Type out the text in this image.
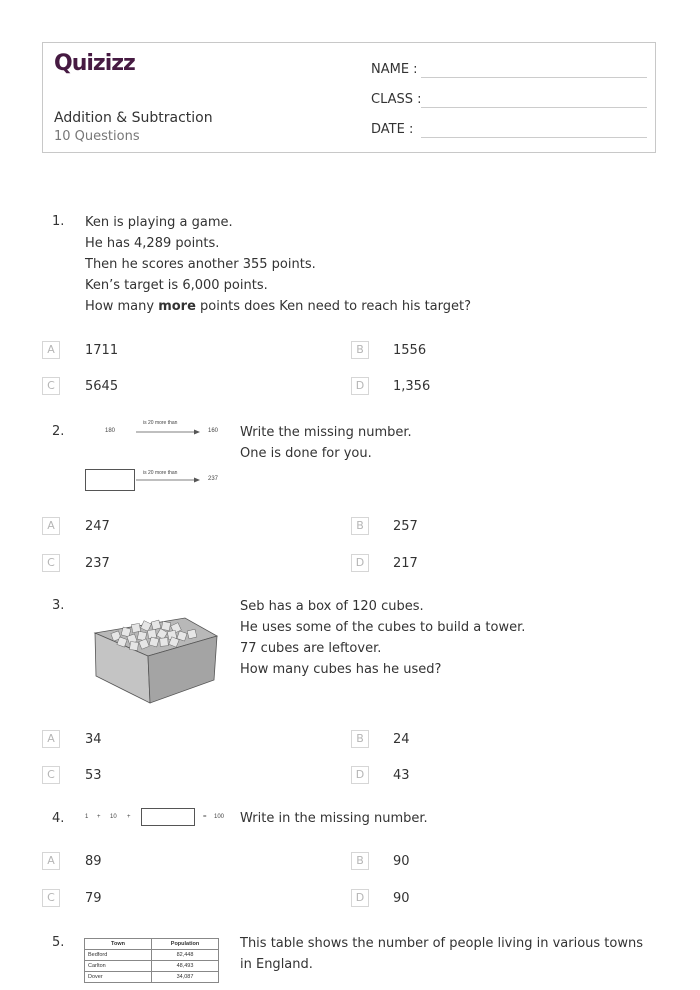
Quizizz
Addition & Subtraction
10 Questions
NAME :
CLASS :
DATE :
1. Ken is playing a game.
He has 4,289 points.
Then he scores another 355 points.
Ken’s target is 6,000 points.
How many more points does Ken need to reach his target?
A	1711	B	1556
C	5645	D	1,356
2.	180
is 20 more than
160
is 20 more than
237
Write the missing number.
One is done for you.
A	247	B	257
C	237	D	217
3.	Seb has a box of 120 cubes.
He uses some of the cubes to build a tower.
77 cubes are leftover.
How many cubes has he used?
A	34	B	24
C	53	D	43
4.	1 + 10 +	= 100 Write in the missing number.
A	89	B	90
C	79	D	90
5.	Town	Population
Bedford	82,448
Carlton	48,493
Dover	34,087
This table shows the number of people living in various towns
in England.
